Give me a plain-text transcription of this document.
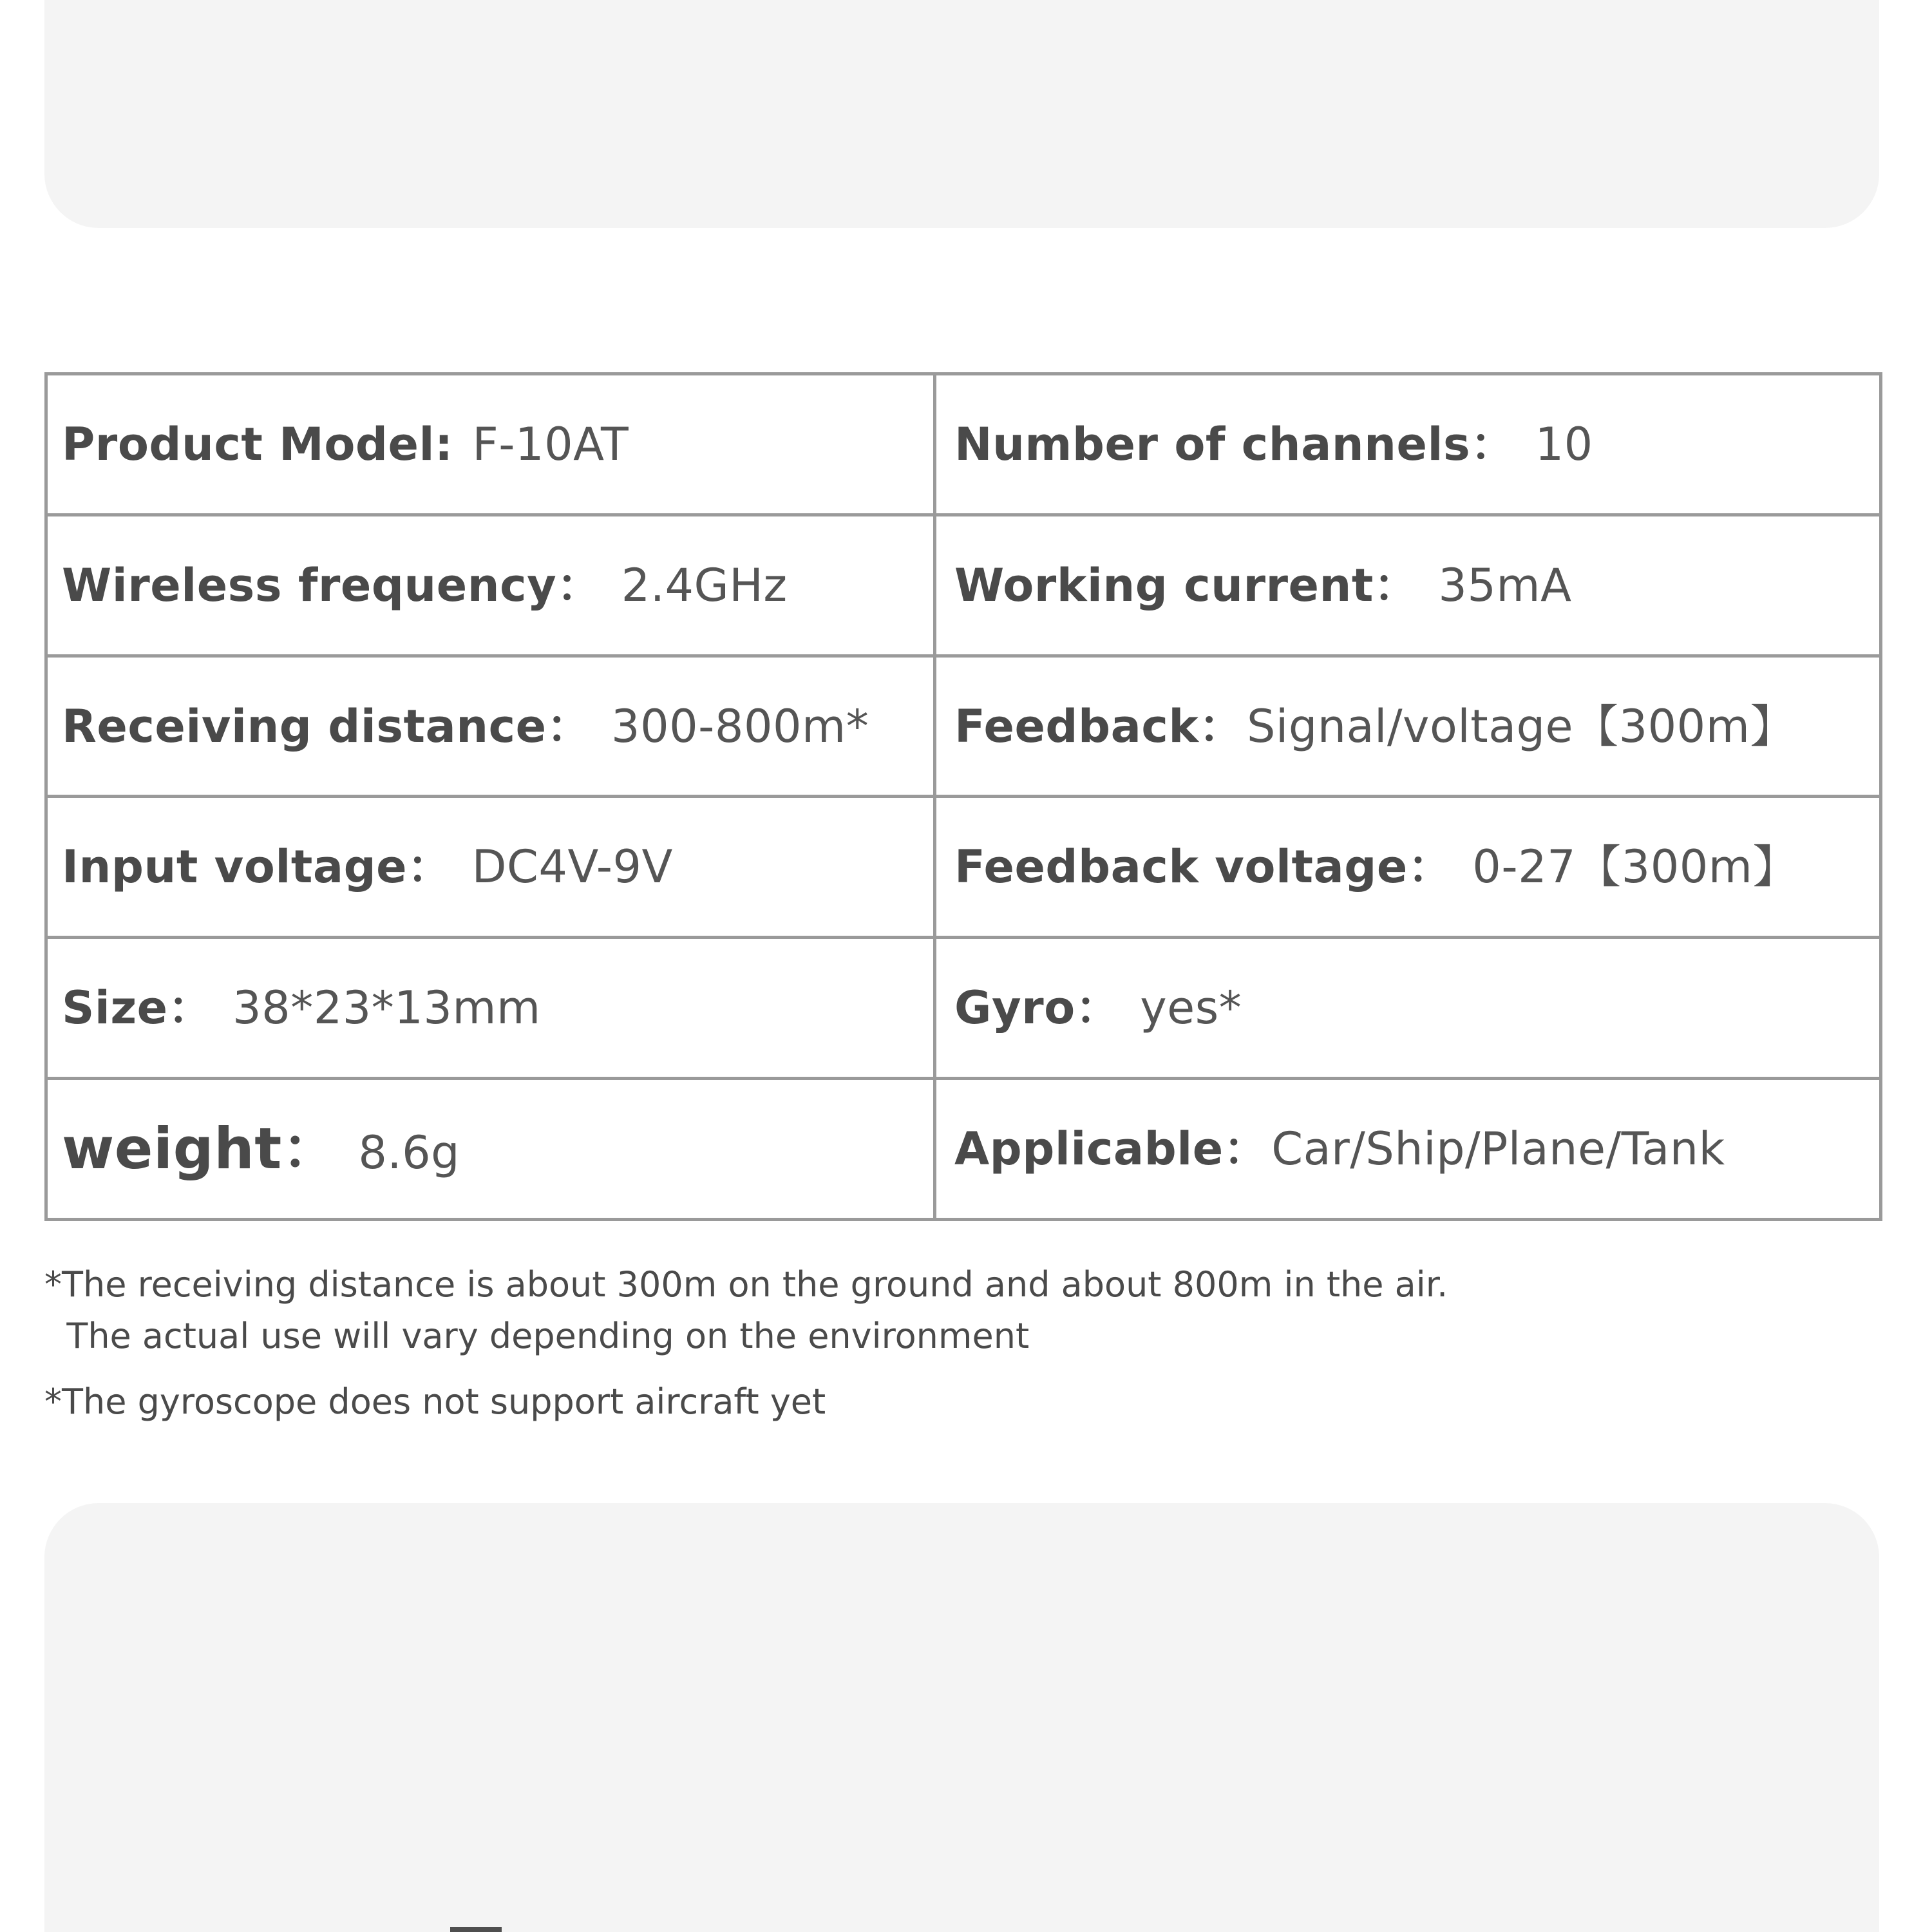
Product Model: F-10AT	Number of channels： 10
Wireless frequency： 2.4GHz	Working current： 35mA
Receiving distance： 300-800m*	Feedback：Signal/voltage【300m】
Input voltage： DC4V-9V	Feedback voltage： 0-27【300m】
Size： 38*23*13mm	Gyro： yes*
weight： 8.6g	Applicable：Car/Ship/Plane/Tank
*The receiving distance is about 300m on the ground and about 800m in the air.
The actual use will vary depending on the environment
*The gyroscope does not support aircraft yet
